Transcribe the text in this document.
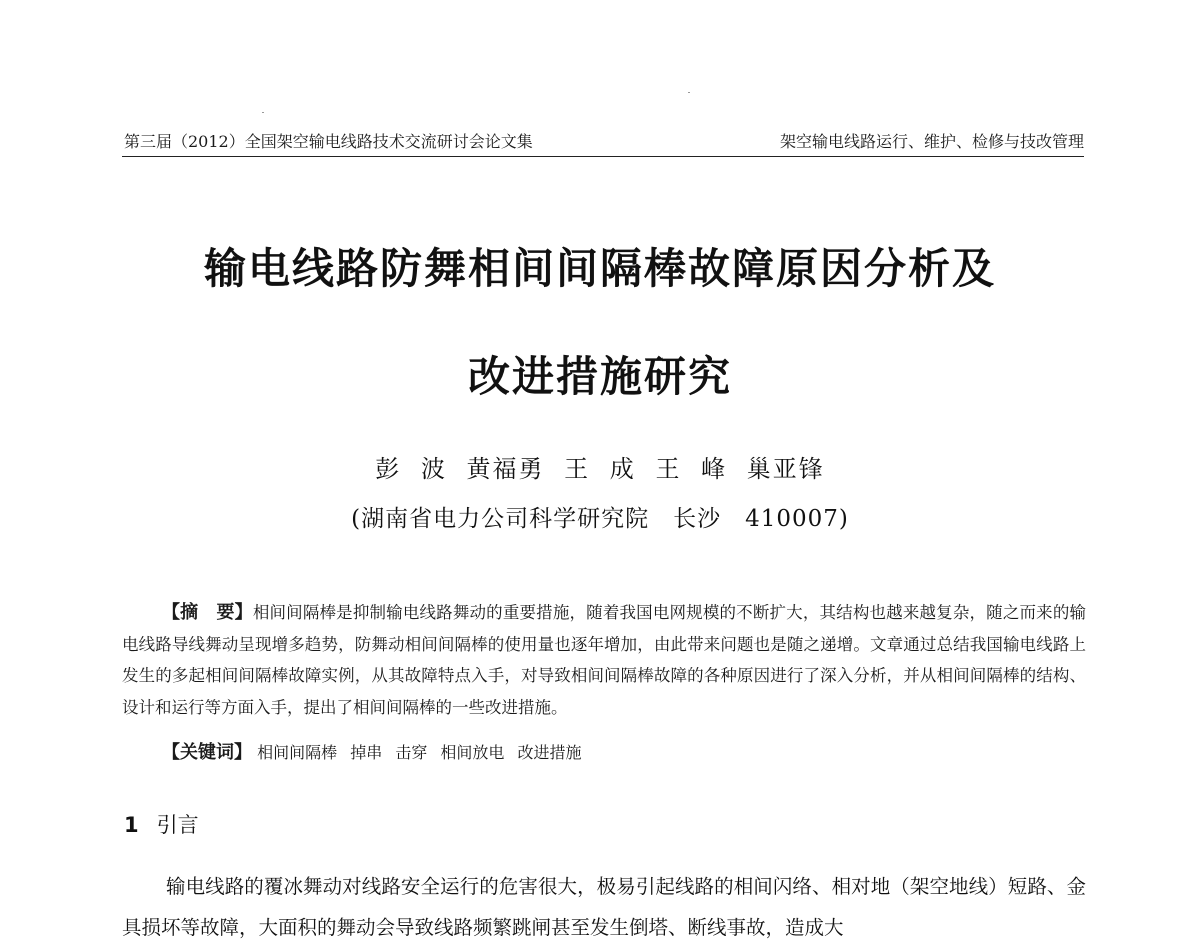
第三届（2012）全国架空输电线路技术交流研讨会论文集	架空输电线路运行、维护、检修与技改管理
输电线路防舞相间间隔棒故障原因分析及
改进措施研究
彭 波 黄福勇 王 成 王 峰 巢亚锋
(湖南省电力公司科学研究院　长沙　410007)
【摘　要】相间间隔棒是抑制输电线路舞动的重要措施，随着我国电网规模的不断扩大，其结构也越来越复杂，随之而来的输电线路导线舞动呈现增多趋势，防舞动相间间隔棒的使用量也逐年增加，由此带来问题也是随之递增。文章通过总结我国输电线路上发生的多起相间间隔棒故障实例，从其故障特点入手，对导致相间间隔棒故障的各种原因进行了深入分析，并从相间间隔棒的结构、设计和运行等方面入手，提出了相间间隔棒的一些改进措施。
【关键词】 相间间隔棒 掉串 击穿 相间放电 改进措施
1 引言
输电线路的覆冰舞动对线路安全运行的危害很大，极易引起线路的相间闪络、相对地（架空地线）短路、金具损坏等故障，大面积的舞动会导致线路频繁跳闸甚至发生倒塔、断线事故，造成大
